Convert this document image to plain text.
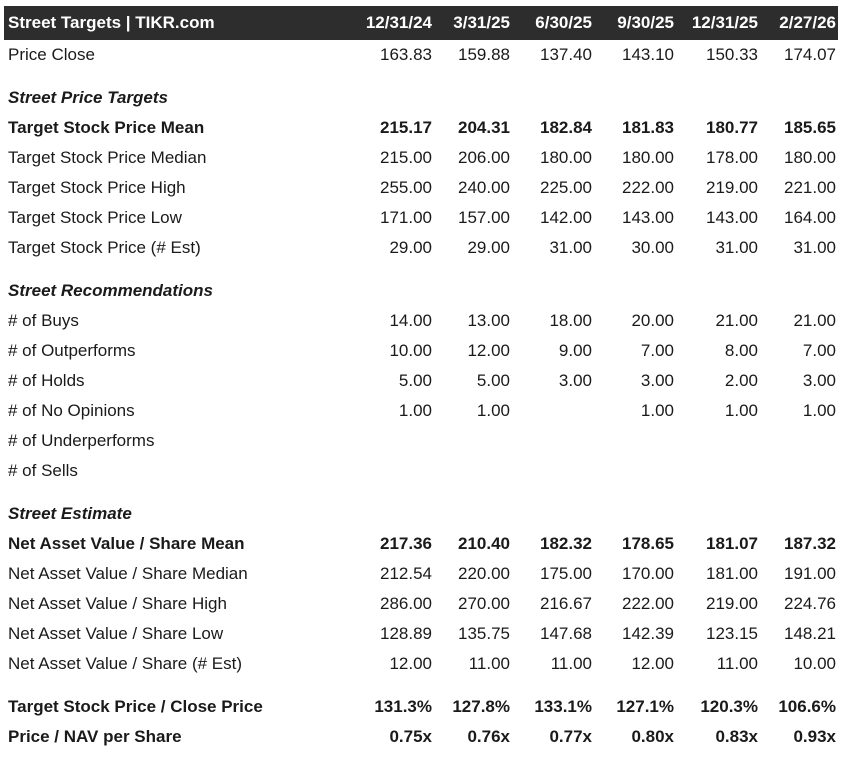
Street Targets | TIKR.com	12/31/24	3/31/25	6/30/25	9/30/25	12/31/25	2/27/26
Price Close	163.83	159.88	137.40	143.10	150.33	174.07
Street Price Targets						
Target Stock Price Mean	215.17	204.31	182.84	181.83	180.77	185.65
Target Stock Price Median	215.00	206.00	180.00	180.00	178.00	180.00
Target Stock Price High	255.00	240.00	225.00	222.00	219.00	221.00
Target Stock Price Low	171.00	157.00	142.00	143.00	143.00	164.00
Target Stock Price (# Est)	29.00	29.00	31.00	30.00	31.00	31.00
Street Recommendations						
# of Buys	14.00	13.00	18.00	20.00	21.00	21.00
# of Outperforms	10.00	12.00	9.00	7.00	8.00	7.00
# of Holds	5.00	5.00	3.00	3.00	2.00	3.00
# of No Opinions	1.00	1.00		1.00	1.00	1.00
# of Underperforms						
# of Sells						
Street Estimate						
Net Asset Value / Share Mean	217.36	210.40	182.32	178.65	181.07	187.32
Net Asset Value / Share Median	212.54	220.00	175.00	170.00	181.00	191.00
Net Asset Value / Share High	286.00	270.00	216.67	222.00	219.00	224.76
Net Asset Value / Share Low	128.89	135.75	147.68	142.39	123.15	148.21
Net Asset Value / Share (# Est)	12.00	11.00	11.00	12.00	11.00	10.00

Target Stock Price / Close Price	131.3%	127.8%	133.1%	127.1%	120.3%	106.6%
Price / NAV per Share	0.75x	0.76x	0.77x	0.80x	0.83x	0.93x
